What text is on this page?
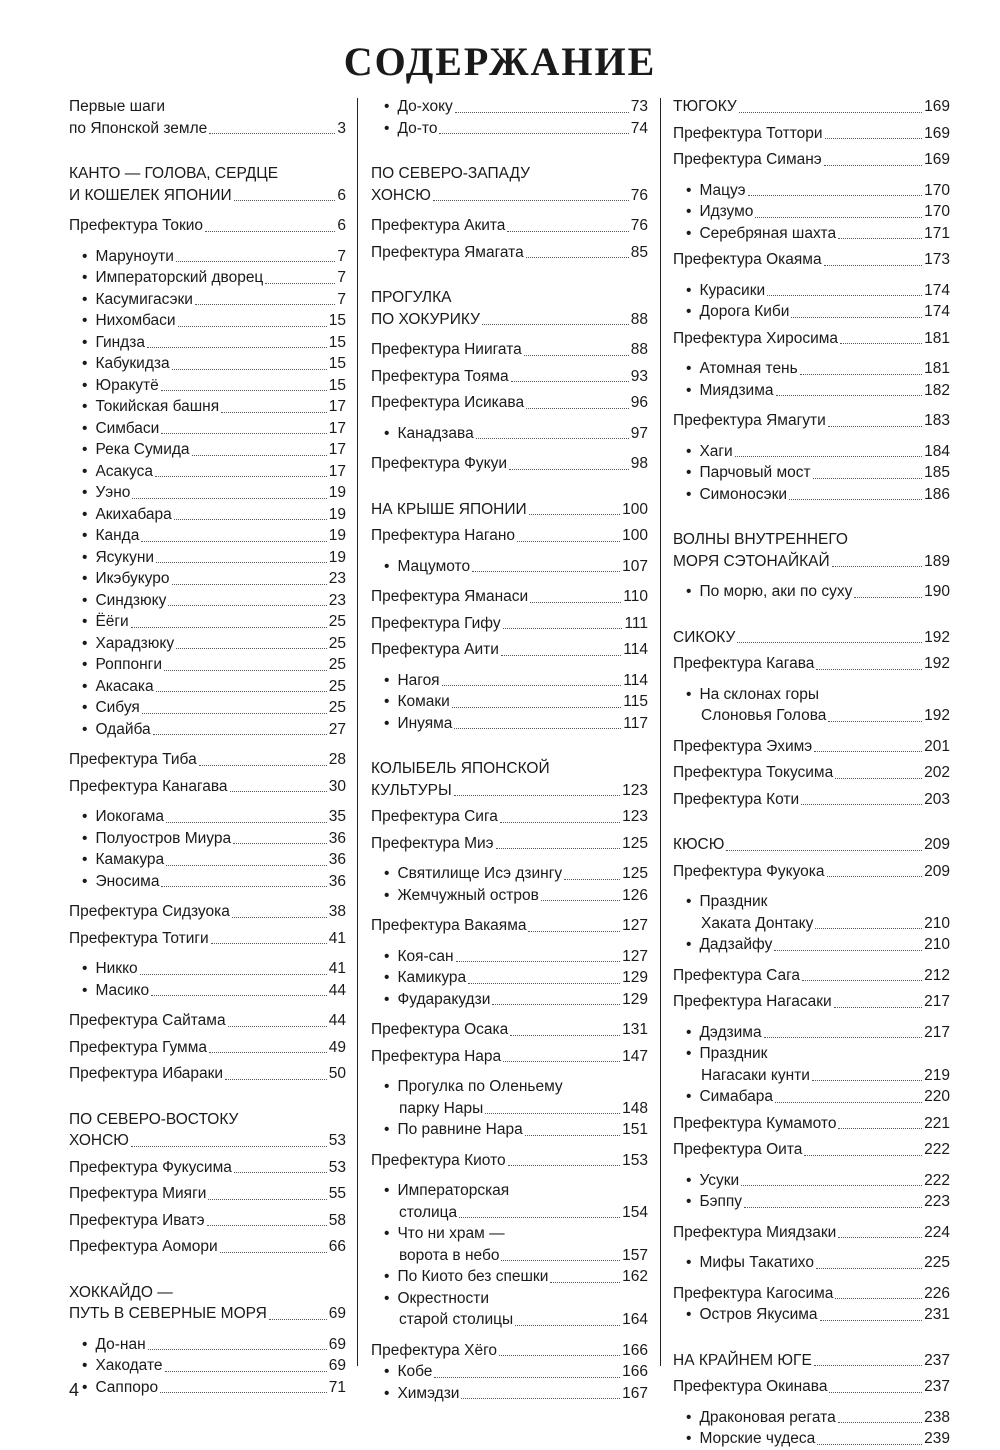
СОДЕРЖАНИЕ
Первые шаги
по Японской земле	3
КАНТО — ГОЛОВА, СЕРДЦЕ
И КОШЕЛЕК ЯПОНИИ	6
Префектура Токио	6
• Маруноути	7
• Императорский дворец	7
• Касумигасэки	7
• Нихомбаси	15
• Гиндза	15
• Кабукидза	15
• Юракутё	15
• Токийская башня	17
• Симбаси	17
• Река Сумида	17
• Асакуса	17
• Уэно	19
• Акихабара	19
• Канда	19
• Ясукуни	19
• Икэбукуро	23
• Синдзюку	23
• Ёёги	25
• Харадзюку	25
• Роппонги	25
• Акасака	25
• Сибуя	25
• Одайба	27
Префектура Тиба	28
Префектура Канагава	30
• Иокогама	35
• Полуостров Миура	36
• Камакура	36
• Эносима	36
Префектура Сидзуока	38
Префектура Тотиги	41
• Никко	41
• Масико	44
Префектура Сайтама	44
Префектура Гумма	49
Префектура Ибараки	50
ПО СЕВЕРО-ВОСТОКУ
ХОНСЮ	53
Префектура Фукусима	53
Префектура Мияги	55
Префектура Иватэ	58
Префектура Аомори	66
ХОККАЙДО —
ПУТЬ В СЕВЕРНЫЕ МОРЯ	69
• До-нан	69
• Хакодате	69
• Саппоро	71
• До-хоку	73
• До-то	74
ПО СЕВЕРО-ЗАПАДУ
ХОНСЮ	76
Префектура Акита	76
Префектура Ямагата	85
ПРОГУЛКА
ПО ХОКУРИКУ	88
Префектура Ниигата	88
Префектура Тояма	93
Префектура Исикава	96
• Канадзава	97
Префектура Фукуи	98
НА КРЫШЕ ЯПОНИИ	100
Префектура Нагано	100
• Мацумото	107
Префектура Яманаси	110
Префектура Гифу	111
Префектура Аити	114
• Нагоя	114
• Комаки	115
• Инуяма	117
КОЛЫБЕЛЬ ЯПОНСКОЙ
КУЛЬТУРЫ	123
Префектура Сига	123
Префектура Миэ	125
• Святилище Исэ дзингу	125
• Жемчужный остров	126
Префектура Вакаяма	127
• Коя-сан	127
• Камикура	129
• Фударакудзи	129
Префектура Осака	131
Префектура Нара	147
• Прогулка по Оленьему
парку Нары	148
• По равнине Нара	151
Префектура Киото	153
• Императорская
столица	154
• Что ни храм —
ворота в небо	157
• По Киото без спешки	162
• Окрестности
старой столицы	164
Префектура Хёго	166
• Кобе	166
• Химэдзи	167
ТЮГОКУ	169
Префектура Тоттори	169
Префектура Симанэ	169
• Мацуэ	170
• Идзумо	170
• Серебряная шахта	171
Префектура Окаяма	173
• Курасики	174
• Дорога Киби	174
Префектура Хиросима	181
• Атомная тень	181
• Миядзима	182
Префектура Ямагути	183
• Хаги	184
• Парчовый мост	185
• Симоносэки	186
ВОЛНЫ ВНУТРЕННЕГО
МОРЯ СЭТОНАЙКАЙ	189
• По морю, аки по суху	190
СИКОКУ	192
Префектура Кагава	192
• На склонах горы
Слоновья Голова	192
Префектура Эхимэ	201
Префектура Токусима	202
Префектура Коти	203
КЮСЮ	209
Префектура Фукуока	209
• Праздник
Хаката Донтаку	210
• Дадзайфу	210
Префектура Сага	212
Префектура Нагасаки	217
• Дэдзима	217
• Праздник
Нагасаки кунти	219
• Симабара	220
Префектура Кумамото	221
Префектура Оита	222
• Усуки	222
• Бэппу	223
Префектура Миядзаки	224
• Мифы Такатихо	225
Префектура Кагосима	226
• Остров Якусима	231
НА КРАЙНЕМ ЮГЕ	237
Префектура Окинава	237
• Драконовая регата	238
• Морские чудеса	239
4
